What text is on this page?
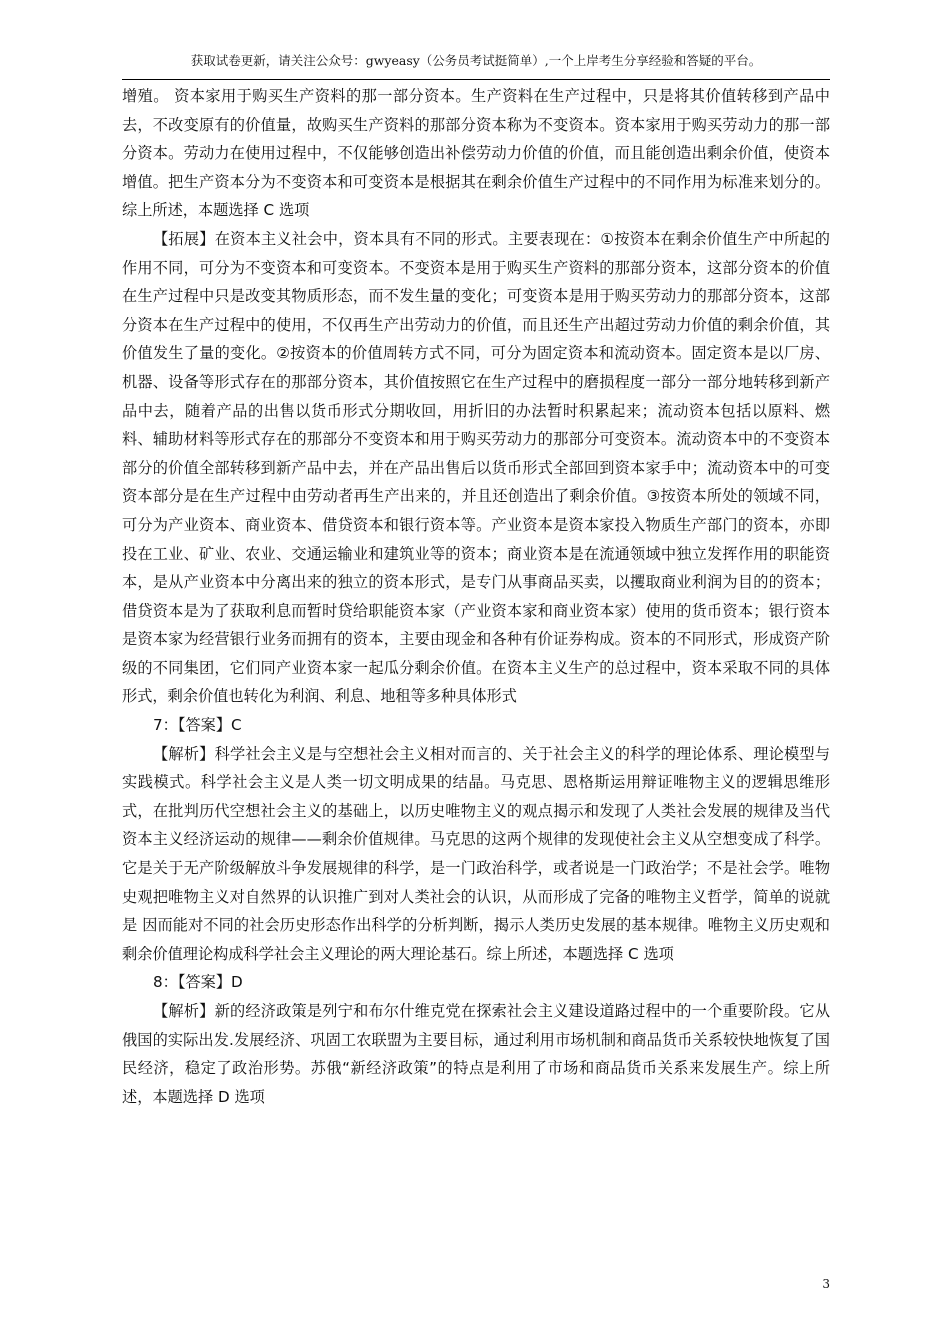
获取试卷更新，请关注公众号：gwyeasy（公务员考试挺简单）,一个上岸考生分享经验和答疑的平台。

增殖。 资本家用于购买生产资料的那一部分资本。生产资料在生产过程中，只是将其价值转移到产品中去，不改变原有的价值量，故购买生产资料的那部分资本称为不变资本。资本家用于购买劳动力的那一部分资本。劳动力在使用过程中，不仅能够创造出补偿劳动力价值的价值，而且能创造出剩余价值，使资本增值。把生产资本分为不变资本和可变资本是根据其在剩余价值生产过程中的不同作用为标准来划分的。综上所述，本题选择 C 选项

【拓展】在资本主义社会中，资本具有不同的形式。主要表现在：①按资本在剩余价值生产中所起的作用不同，可分为不变资本和可变资本。不变资本是用于购买生产资料的那部分资本，这部分资本的价值在生产过程中只是改变其物质形态，而不发生量的变化；可变资本是用于购买劳动力的那部分资本，这部分资本在生产过程中的使用，不仅再生产出劳动力的价值，而且还生产出超过劳动力价值的剩余价值，其价值发生了量的变化。②按资本的价值周转方式不同，可分为固定资本和流动资本。固定资本是以厂房、机器、设备等形式存在的那部分资本，其价值按照它在生产过程中的磨损程度一部分一部分地转移到新产品中去，随着产品的出售以货币形式分期收回，用折旧的办法暂时积累起来；流动资本包括以原料、燃料、辅助材料等形式存在的那部分不变资本和用于购买劳动力的那部分可变资本。流动资本中的不变资本部分的价值全部转移到新产品中去，并在产品出售后以货币形式全部回到资本家手中；流动资本中的可变资本部分是在生产过程中由劳动者再生产出来的，并且还创造出了剩余价值。③按资本所处的领域不同，可分为产业资本、商业资本、借贷资本和银行资本等。产业资本是资本家投入物质生产部门的资本，亦即投在工业、矿业、农业、交通运输业和建筑业等的资本；商业资本是在流通领域中独立发挥作用的职能资本，是从产业资本中分离出来的独立的资本形式，是专门从事商品买卖，以攫取商业利润为目的的资本；借贷资本是为了获取利息而暂时贷给职能资本家（产业资本家和商业资本家）使用的货币资本；银行资本是资本家为经营银行业务而拥有的资本，主要由现金和各种有价证券构成。资本的不同形式，形成资产阶级的不同集团，它们同产业资本家一起瓜分剩余价值。在资本主义生产的总过程中，资本采取不同的具体形式，剩余价值也转化为利润、利息、地租等多种具体形式

7：【答案】C

【解析】科学社会主义是与空想社会主义相对而言的、关于社会主义的科学的理论体系、理论模型与实践模式。科学社会主义是人类一切文明成果的结晶。马克思、恩格斯运用辩证唯物主义的逻辑思维形式，在批判历代空想社会主义的基础上，以历史唯物主义的观点揭示和发现了人类社会发展的规律及当代资本主义经济运动的规律——剩余价值规律。马克思的这两个规律的发现使社会主义从空想变成了科学。它是关于无产阶级解放斗争发展规律的科学，是一门政治科学，或者说是一门政治学；不是社会学。唯物史观把唯物主义对自然界的认识推广到对人类社会的认识，从而形成了完备的唯物主义哲学，简单的说就是 因而能对不同的社会历史形态作出科学的分析判断，揭示人类历史发展的基本规律。唯物主义历史观和剩余价值理论构成科学社会主义理论的两大理论基石。综上所述，本题选择 C 选项

8：【答案】D

【解析】新的经济政策是列宁和布尔什维克党在探索社会主义建设道路过程中的一个重要阶段。它从俄国的实际出发.发展经济、巩固工农联盟为主要目标，通过利用市场机制和商品货币关系较快地恢复了国民经济，稳定了政治形势。苏俄“新经济政策”的特点是利用了市场和商品货币关系来发展生产。综上所述，本题选择 D 选项

3
